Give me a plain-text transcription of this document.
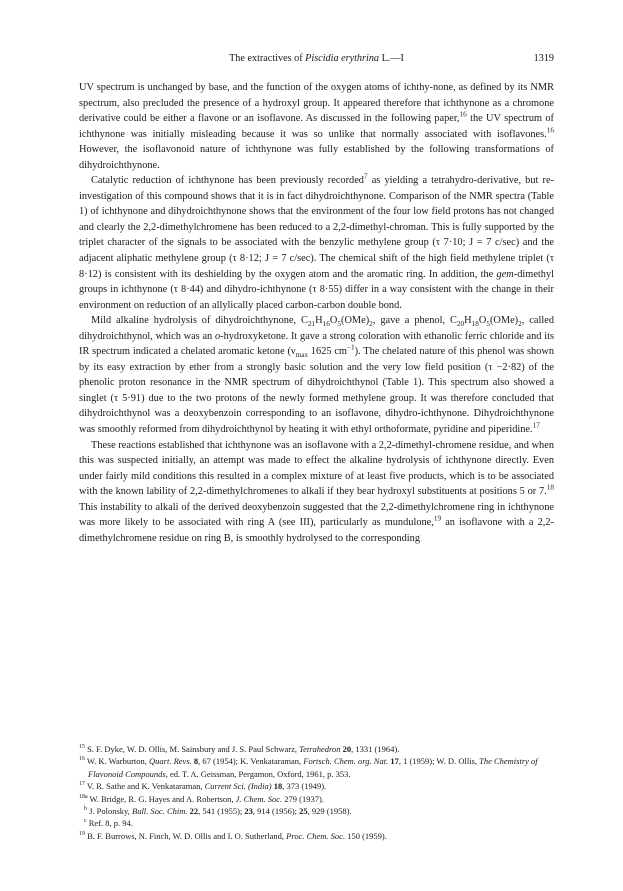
The extractives of Piscidia erythrina L.—I	1319

UV spectrum is unchanged by base, and the function of the oxygen atoms of ichthy-none, as defined by its NMR spectrum, also precluded the presence of a hydroxyl group. It appeared therefore that ichthynone as a chromone derivative could be either a flavone or an isoflavone. As discussed in the following paper,$^{16}$ the UV spectrum of ichthynone was initially misleading because it was so unlike that normally associated with isoflavones.$^{16}$ However, the isoflavonoid nature of ichthynone was fully established by the following transformations of dihydroichthynone.

Catalytic reduction of ichthynone has been previously recorded$^7$ as yielding a tetrahydro-derivative, but re-investigation of this compound shows that it is in fact dihydroichthynone. Comparison of the NMR spectra (Table 1) of ichthynone and dihydroichthynone shows that the environment of the four low field protons has not changed and clearly the 2,2-dimethylchromene has been reduced to a 2,2-dimethyl-chroman. This is fully supported by the triplet character of the signals to be associated with the benzylic methylene group (τ 7·10; J = 7 c/sec) and the adjacent aliphatic methylene group (τ 8·12; J = 7 c/sec). The chemical shift of the high field methylene triplet (τ 8·12) is consistent with its deshielding by the oxygen atom and the aromatic ring. In addition, the gem-dimethyl groups in ichthynone (τ 8·44) and dihydro-ichthynone (τ 8·55) differ in a way consistent with the change in their environment on reduction of an allylically placed carbon-carbon double bond.

Mild alkaline hydrolysis of dihydroichthynone, $C_{21}H_{16}O_5(OMe)_2$, gave a phenol, $C_{20}H_{18}O_5(OMe)_2$, called dihydroichthynol, which was an o-hydroxyketone. It gave a strong coloration with ethanolic ferric chloride and its IR spectrum indicated a chelated aromatic ketone ($\nu_{max}$ 1625 $cm^{-1}$). The chelated nature of this phenol was shown by its easy extraction by ether from a strongly basic solution and the very low field position (τ −2·82) of the phenolic proton resonance in the NMR spectrum of dihydroichthynol (Table 1). This spectrum also showed a singlet (τ 5·91) due to the two protons of the newly formed methylene group. It was therefore concluded that dihydroichthynol was a deoxybenzoin corresponding to an isoflavone, dihydro-ichthynone. Dihydroichthynone was smoothly reformed from dihydroichthynol by heating it with ethyl orthoformate, pyridine and piperidine.$^{17}$

These reactions established that ichthynone was an isoflavone with a 2,2-dimethyl-chromene residue, and when this was suspected initially, an attempt was made to effect the alkaline hydrolysis of ichthynone directly. Even under fairly mild conditions this resulted in a complex mixture of at least five products, which is to be associated with the known lability of 2,2-dimethylchromenes to alkali if they bear hydroxyl substituents at positions 5 or 7.18 This instability to alkali of the derived deoxybenzoin suggested that the 2,2-dimethylchromene ring in ichthynone was more likely to be associated with ring A (see III), particularly as mundulone,$^{19}$ an isoflavone with a 2,2-dimethylchromene residue on ring B, is smoothly hydrolysed to the corresponding

$^{15}$ S. F. Dyke, W. D. Ollis, M. Sainsbury and J. S. Paul Schwarz, Tetrahedron 20, 1331 (1964).
$^{16}$ W. K. Warburton, Quart. Revs. 8, 67 (1954); K. Venkataraman, Fortsch. Chem. org. Nat. 17, 1 (1959); W. D. Ollis, The Chemistry of Flavonoid Compounds, ed. T. A. Geissman, Pergamon, Oxford, 1961, p. 353.
$^{17}$ V. R. Sathe and K. Venkataraman, Current Sci. (India) 18, 373 (1949).
$^{18a}$ W. Bridge, R. G. Hayes and A. Robertson, J. Chem. Soc. 279 (1937).
$^b$ J. Polonsky, Bull. Soc. Chim. 22, 541 (1955); 23, 914 (1956); 25, 929 (1958).
$^c$ Ref. 8, p. 94.
$^{19}$ B. F. Burrows, N. Finch, W. D. Ollis and I. O. Sutherland, Proc. Chem. Soc. 150 (1959).
